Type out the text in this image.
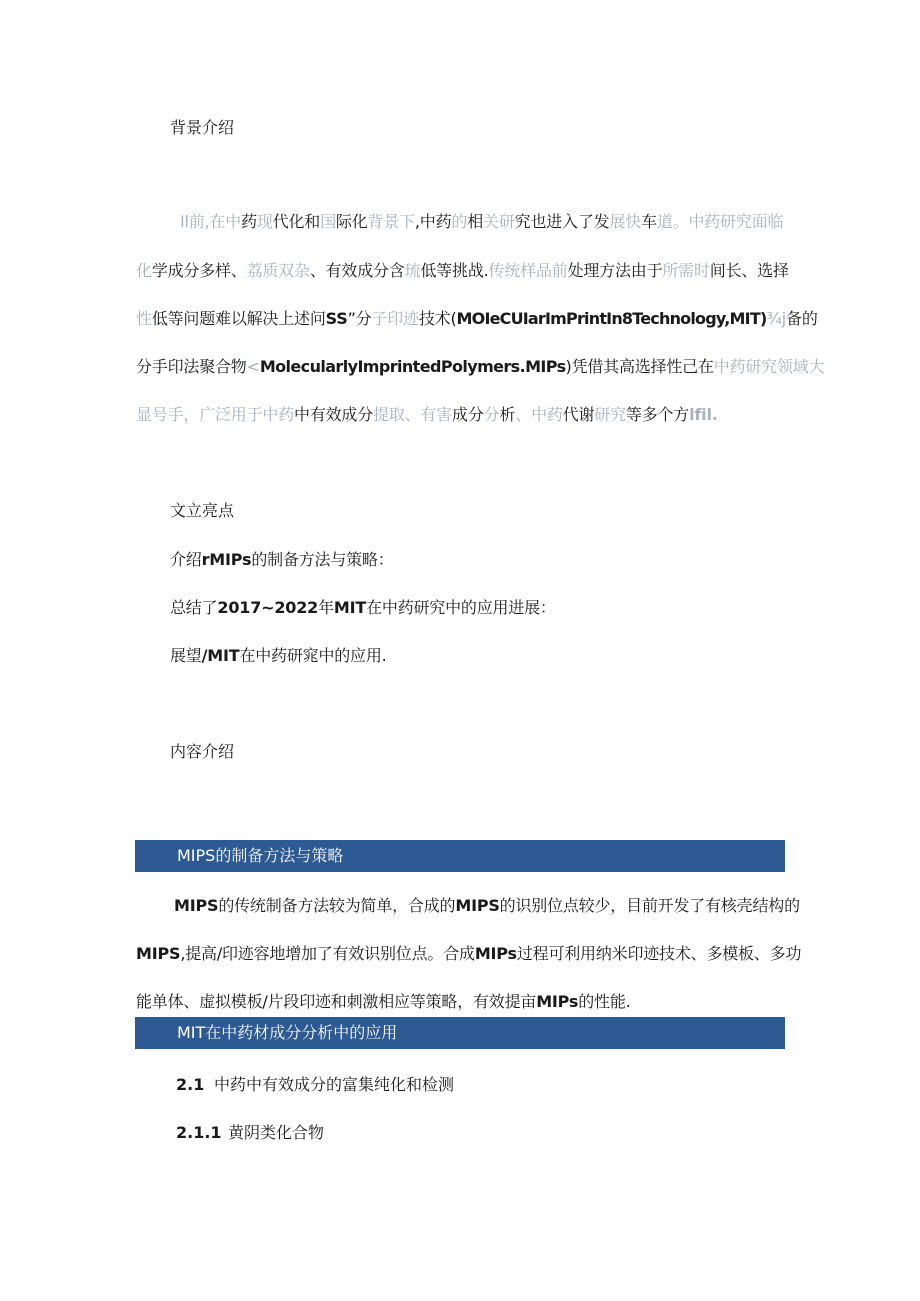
背景介绍
Il前,在中药现代化和国际化背景下,中药的相关研究也进入了发展快车道。中药研究面临
化学成分多样、荔质双杂、有效成分含琉低等挑战.传统样品前处理方法由于所需时间长、选择
性低等问题难以解决上述问SS”分子印迹技术(MOIeCUIarImPrintIn8Technology,MIT)¾j备的
分手印法聚合物<MolecularlyImprintedPolymers.MIPs)凭借其高选择性己在中药研究领域大
显号手，广泛用于中药中有效成分提取、有害成分分析、中药代谢研究等多个方lfil.
文立亮点
介绍rMIPs的制备方法与策略：
总结了2017~2022年MIT在中药研究中的应用进展：
展望/MIT在中药研窕中的应用.
内容介绍
MIPS的制备方法与策略
MIPS的传统制备方法较为简单，合成的MIPS的识别位点较少，目前开发了有核壳结构的
MIPS,提高/印迹容地增加了有效识别位点。合成MIPs过程可利用纳米印迹技术、多模板、多功
能单体、虚拟模板/片段印迹和刺激相应等策略，有效提亩MIPs的性能.
MIT在中药材成分分析中的应用
2.1 中药中有效成分的富集纯化和检测
2.1.1 黄阴类化合物
